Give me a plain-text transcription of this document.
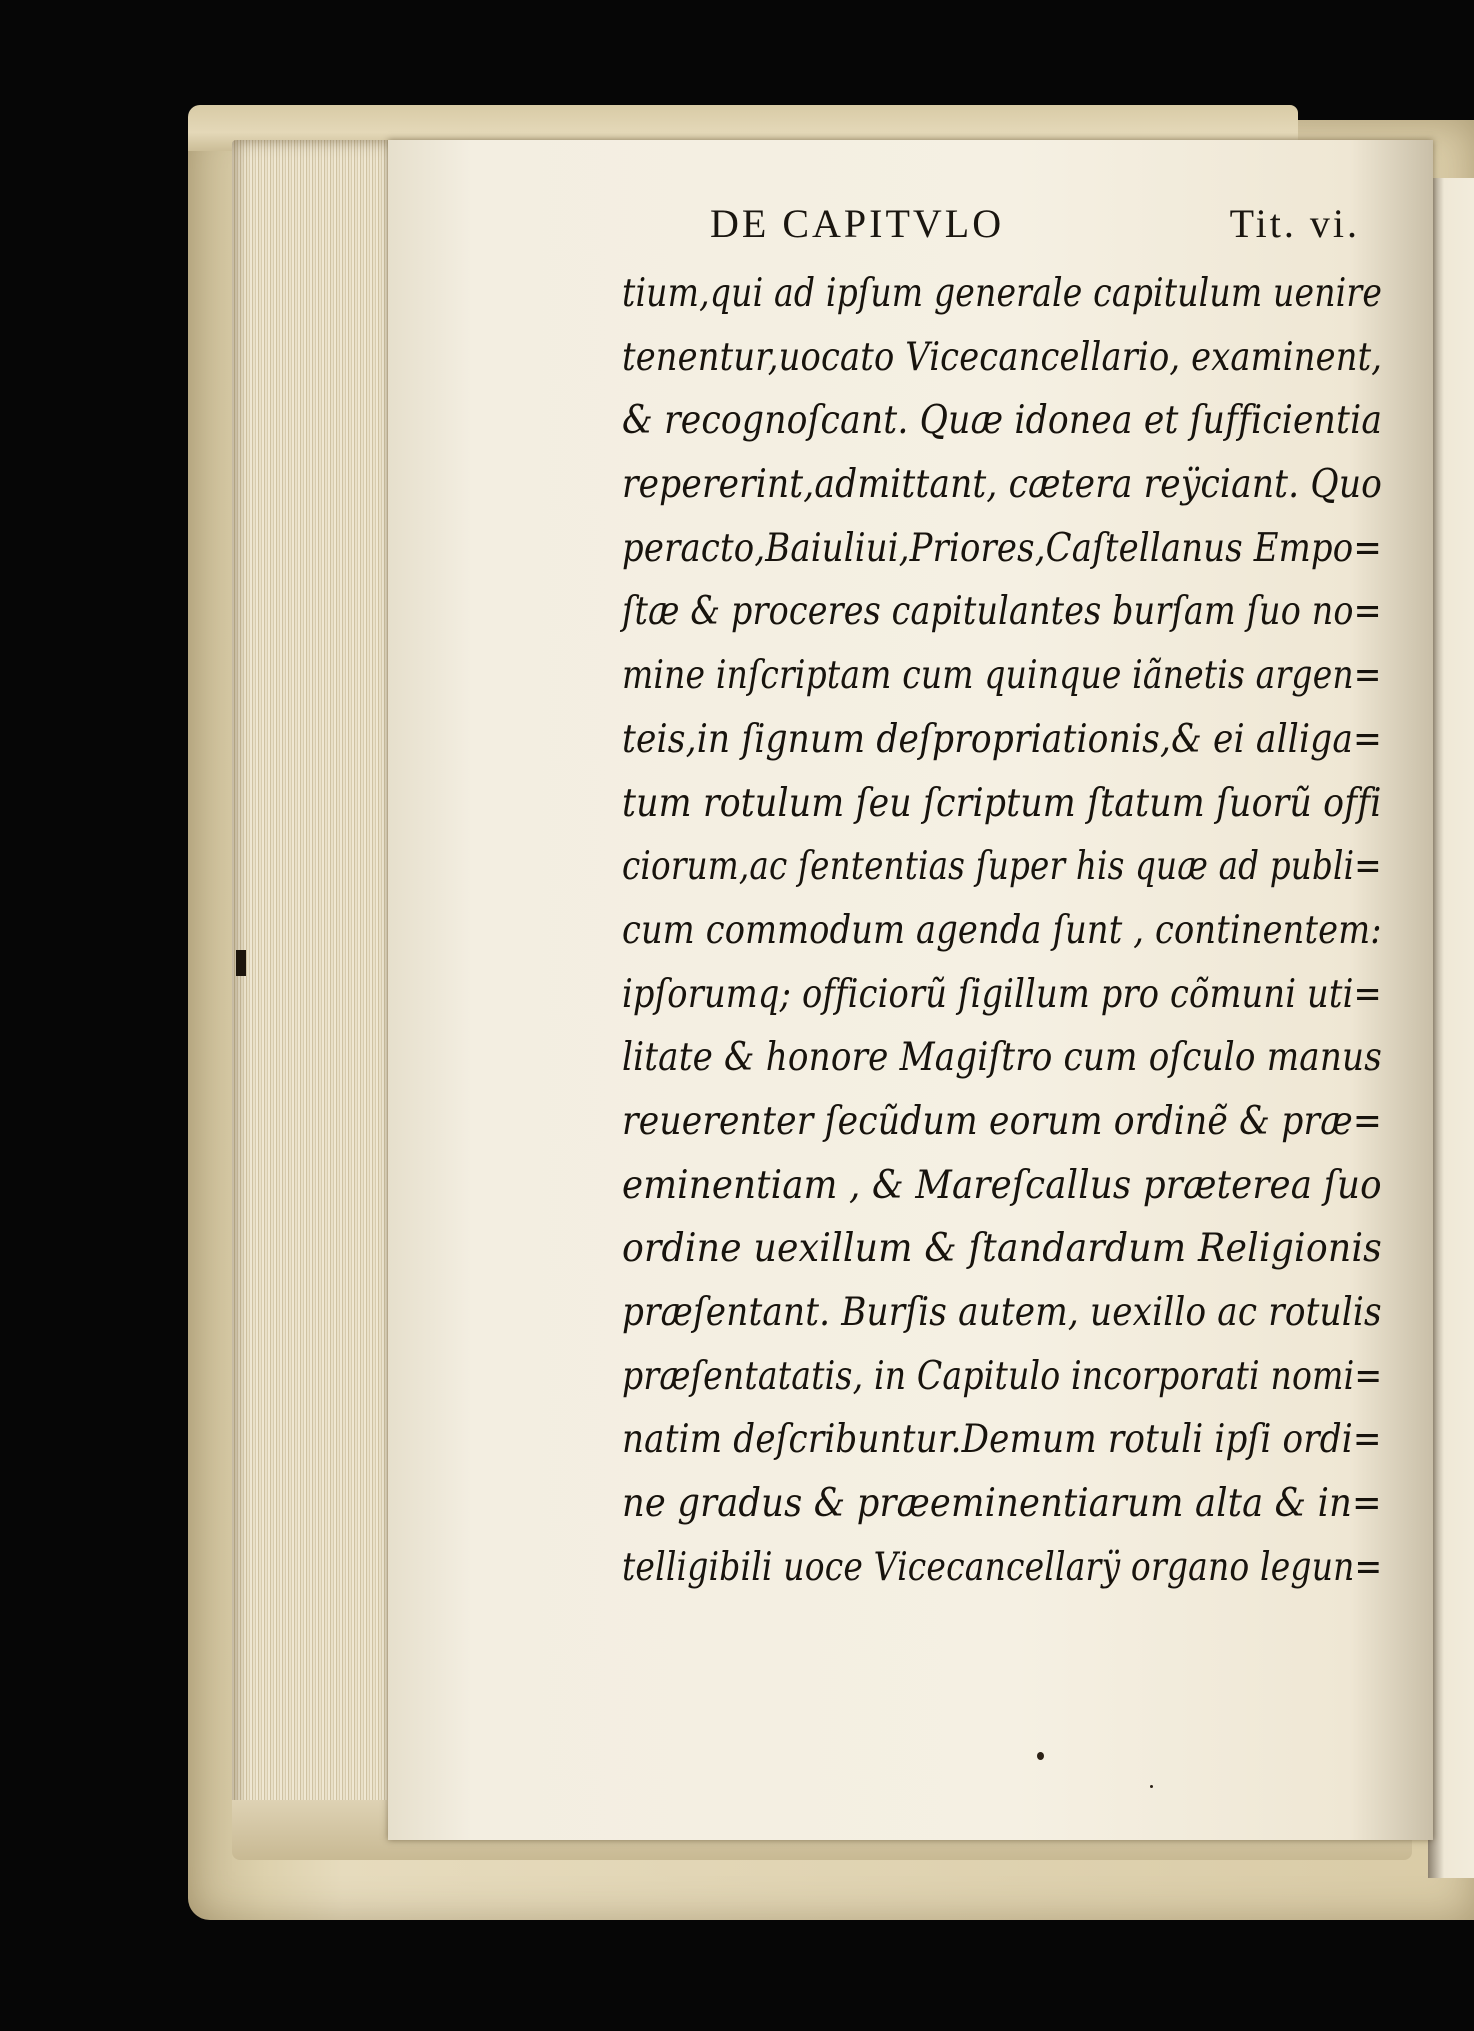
DE CAPITVLO	Tit. vi.
tium,qui ad ipſum generale capitulum uenire
tenentur,uocato Vicecancellario, examinent,
& recognoſcant. Quæ idonea et ſufficientia
repererint,admittant, cætera reÿciant. Quo
peracto,Baiuliui,Priores,Caſtellanus Empo=
ſtæ & proceres capitulantes burſam ſuo no=
mine inſcriptam cum quinque iãnetis argen=
teis,in ſignum deſpropriationis,& ei alliga=
tum rotulum ſeu ſcriptum ſtatum ſuorũ offi
ciorum,ac ſententias ſuper his quæ ad publi=
cum commodum agenda ſunt , continentem:
ipſorumq; officiorũ ſigillum pro cõmuni uti=
litate & honore Magiſtro cum oſculo manus
reuerenter ſecũdum eorum ordinẽ & præ=
eminentiam , & Mareſcallus præterea ſuo
ordine uexillum & ſtandardum Religionis
præſentant. Burſis autem, uexillo ac rotulis
præſentatatis, in Capitulo incorporati nomi=
natim deſcribuntur.Demum rotuli ipſi ordi=
ne gradus & præeminentiarum alta & in=
telligibili uoce Vicecancellarÿ organo legun=
